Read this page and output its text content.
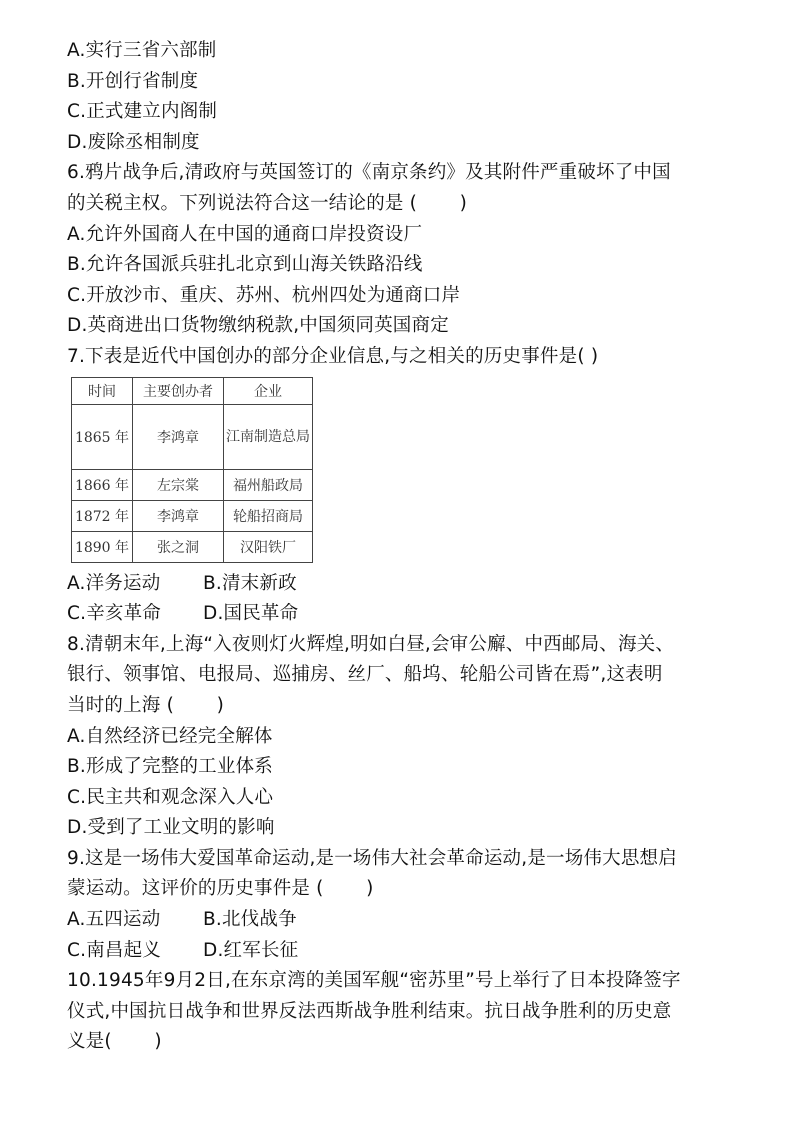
A.实行三省六部制
B.开创行省制度
C.正式建立内阁制
D.废除丞相制度
6.鸦片战争后,清政府与英国签订的《南京条约》及其附件严重破坏了中国
的关税主权。下列说法符合这一结论的是 (       )
A.允许外国商人在中国的通商口岸投资设厂
B.允许各国派兵驻扎北京到山海关铁路沿线
C.开放沙市、重庆、苏州、杭州四处为通商口岸
D.英商进出口货物缴纳税款,中国须同英国商定
7.下表是近代中国创办的部分企业信息,与之相关的历史事件是( )
时间	主要创办者	企业
1865 年	李鸿章	江南制造总局
1866 年	左宗棠	福州船政局
1872 年	李鸿章	轮船招商局
1890 年	张之洞	汉阳铁厂
A.洋务运动	B.清末新政
C.辛亥革命	D.国民革命
8.清朝末年,上海“入夜则灯火辉煌,明如白昼,会审公廨、中西邮局、海关、
银行、领事馆、电报局、巡捕房、丝厂、船坞、轮船公司皆在焉”,这表明
当时的上海 (       )
A.自然经济已经完全解体
B.形成了完整的工业体系
C.民主共和观念深入人心
D.受到了工业文明的影响
9.这是一场伟大爱国革命运动,是一场伟大社会革命运动,是一场伟大思想启
蒙运动。这评价的历史事件是 (       )
A.五四运动	B.北伐战争
C.南昌起义	D.红军长征
10.1945年9月2日,在东京湾的美国军舰“密苏里”号上举行了日本投降签字
仪式,中国抗日战争和世界反法西斯战争胜利结束。抗日战争胜利的历史意
义是(       )
